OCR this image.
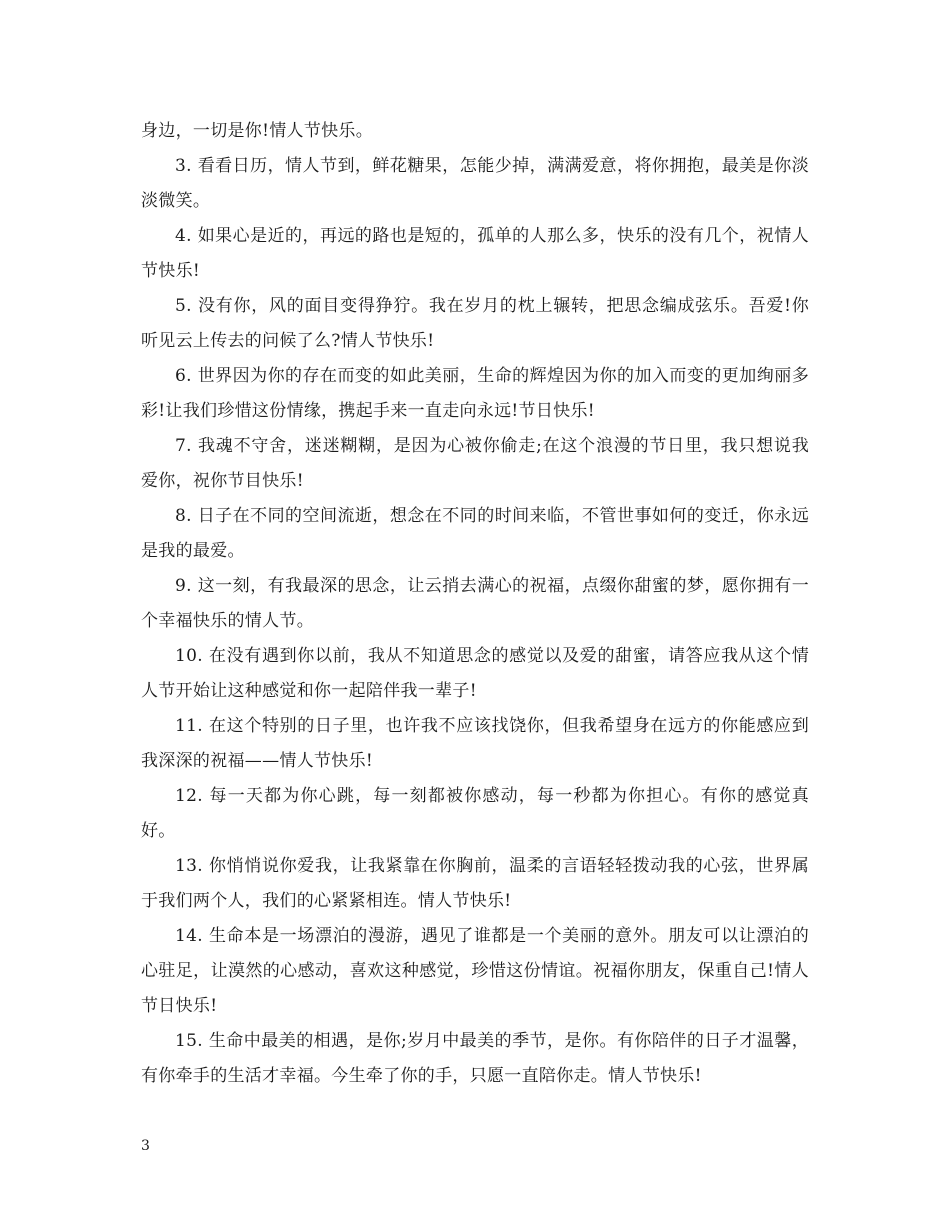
身边，一切是你!情人节快乐。

3. 看看日历，情人节到，鲜花糖果，怎能少掉，满满爱意，将你拥抱，最美是你淡淡微笑。

4. 如果心是近的，再远的路也是短的，孤单的人那么多，快乐的没有几个，祝情人节快乐!

5. 没有你，风的面目变得狰狞。我在岁月的枕上辗转，把思念编成弦乐。吾爱!你听见云上传去的问候了么?情人节快乐!

6. 世界因为你的存在而变的如此美丽，生命的辉煌因为你的加入而变的更加绚丽多彩!让我们珍惜这份情缘，携起手来一直走向永远!节日快乐!

7. 我魂不守舍，迷迷糊糊，是因为心被你偷走;在这个浪漫的节日里，我只想说我爱你，祝你节目快乐!

8. 日子在不同的空间流逝，想念在不同的时间来临，不管世事如何的变迁，你永远是我的最爱。

9. 这一刻，有我最深的思念，让云捎去满心的祝福，点缀你甜蜜的梦，愿你拥有一个幸福快乐的情人节。

10. 在没有遇到你以前，我从不知道思念的感觉以及爱的甜蜜，请答应我从这个情人节开始让这种感觉和你一起陪伴我一辈子!

11. 在这个特别的日子里，也许我不应该找饶你，但我希望身在远方的你能感应到我深深的祝福——情人节快乐!

12. 每一天都为你心跳，每一刻都被你感动，每一秒都为你担心。有你的感觉真好。

13. 你悄悄说你爱我，让我紧靠在你胸前，温柔的言语轻轻拨动我的心弦，世界属于我们两个人，我们的心紧紧相连。情人节快乐!

14. 生命本是一场漂泊的漫游，遇见了谁都是一个美丽的意外。朋友可以让漂泊的心驻足，让漠然的心感动，喜欢这种感觉，珍惜这份情谊。祝福你朋友，保重自己!情人节日快乐!

15. 生命中最美的相遇，是你;岁月中最美的季节，是你。有你陪伴的日子才温馨，有你牵手的生活才幸福。今生牵了你的手，只愿一直陪你走。情人节快乐!

3
